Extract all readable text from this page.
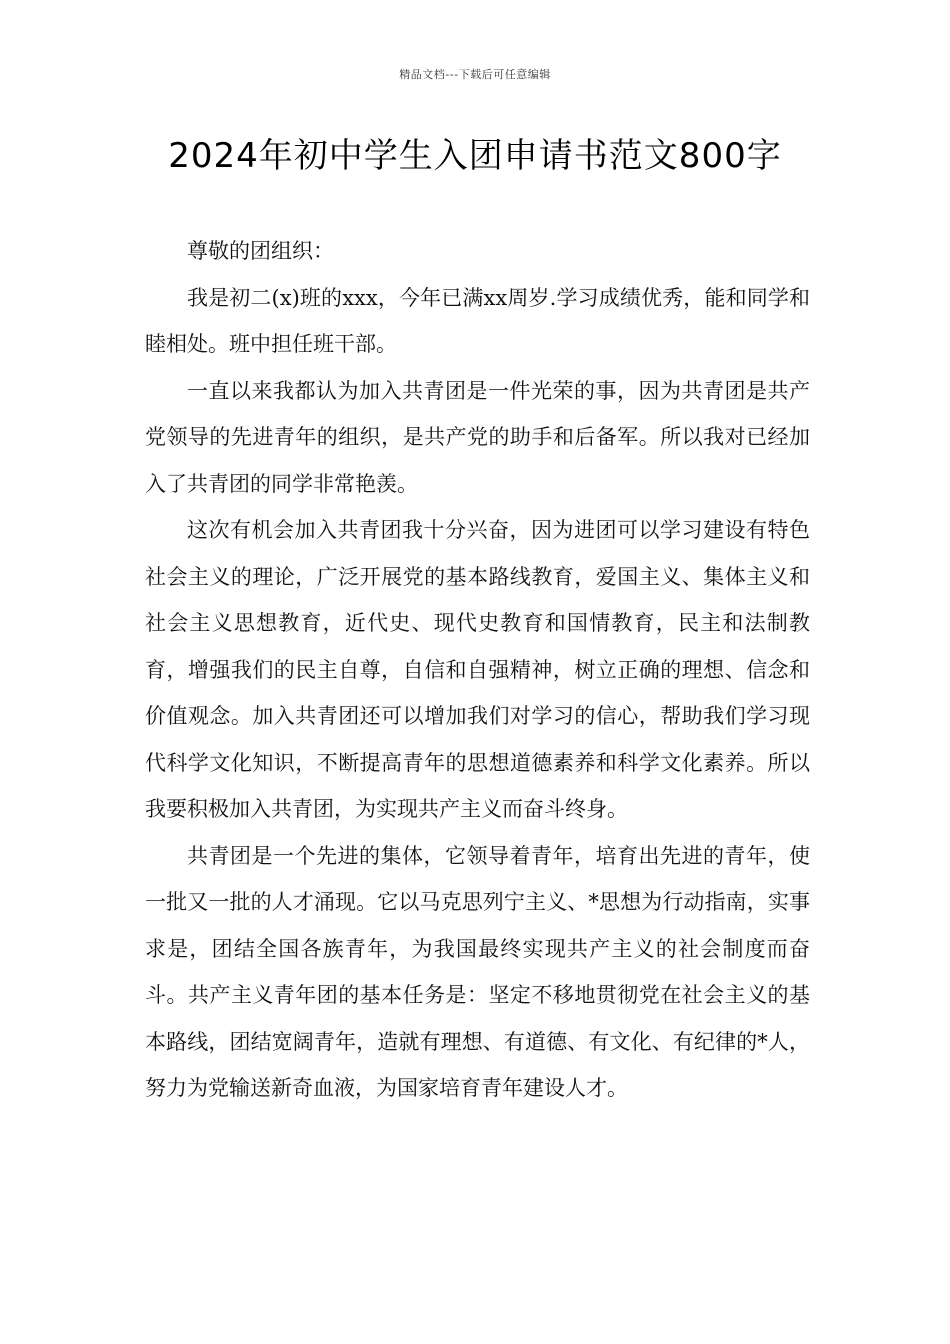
精品文档---下载后可任意编辑
2024年初中学生入团申请书范文800字

尊敬的团组织：

我是初二(x)班的xxx，今年已满xx周岁.学习成绩优秀，能和同学和睦相处。班中担任班干部。

一直以来我都认为加入共青团是一件光荣的事，因为共青团是共产党领导的先进青年的组织，是共产党的助手和后备军。所以我对已经加入了共青团的同学非常艳羡。

这次有机会加入共青团我十分兴奋，因为进团可以学习建设有特色社会主义的理论，广泛开展党的基本路线教育，爱国主义、集体主义和社会主义思想教育，近代史、现代史教育和国情教育，民主和法制教育，增强我们的民主自尊，自信和自强精神，树立正确的理想、信念和价值观念。加入共青团还可以增加我们对学习的信心，帮助我们学习现代科学文化知识，不断提高青年的思想道德素养和科学文化素养。所以我要积极加入共青团，为实现共产主义而奋斗终身。

共青团是一个先进的集体，它领导着青年，培育出先进的青年，使一批又一批的人才涌现。它以马克思列宁主义、*思想为行动指南，实事求是，团结全国各族青年，为我国最终实现共产主义的社会制度而奋斗。共产主义青年团的基本任务是：坚定不移地贯彻党在社会主义的基本路线，团结宽阔青年，造就有理想、有道德、有文化、有纪律的*人，努力为党输送新奇血液，为国家培育青年建设人才。
